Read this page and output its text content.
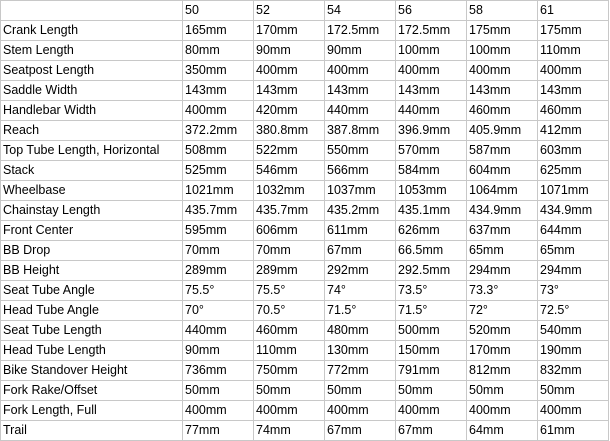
	50	52	54	56	58	61
Crank Length	165mm	170mm	172.5mm	172.5mm	175mm	175mm
Stem Length	80mm	90mm	90mm	100mm	100mm	110mm
Seatpost Length	350mm	400mm	400mm	400mm	400mm	400mm
Saddle Width	143mm	143mm	143mm	143mm	143mm	143mm
Handlebar Width	400mm	420mm	440mm	440mm	460mm	460mm
Reach	372.2mm	380.8mm	387.8mm	396.9mm	405.9mm	412mm
Top Tube Length, Horizontal	508mm	522mm	550mm	570mm	587mm	603mm
Stack	525mm	546mm	566mm	584mm	604mm	625mm
Wheelbase	1021mm	1032mm	1037mm	1053mm	1064mm	1071mm
Chainstay Length	435.7mm	435.7mm	435.2mm	435.1mm	434.9mm	434.9mm
Front Center	595mm	606mm	611mm	626mm	637mm	644mm
BB Drop	70mm	70mm	67mm	66.5mm	65mm	65mm
BB Height	289mm	289mm	292mm	292.5mm	294mm	294mm
Seat Tube Angle	75.5°	75.5°	74°	73.5°	73.3°	73°
Head Tube Angle	70°	70.5°	71.5°	71.5°	72°	72.5°
Seat Tube Length	440mm	460mm	480mm	500mm	520mm	540mm
Head Tube Length	90mm	110mm	130mm	150mm	170mm	190mm
Bike Standover Height	736mm	750mm	772mm	791mm	812mm	832mm
Fork Rake/Offset	50mm	50mm	50mm	50mm	50mm	50mm
Fork Length, Full	400mm	400mm	400mm	400mm	400mm	400mm
Trail	77mm	74mm	67mm	67mm	64mm	61mm
